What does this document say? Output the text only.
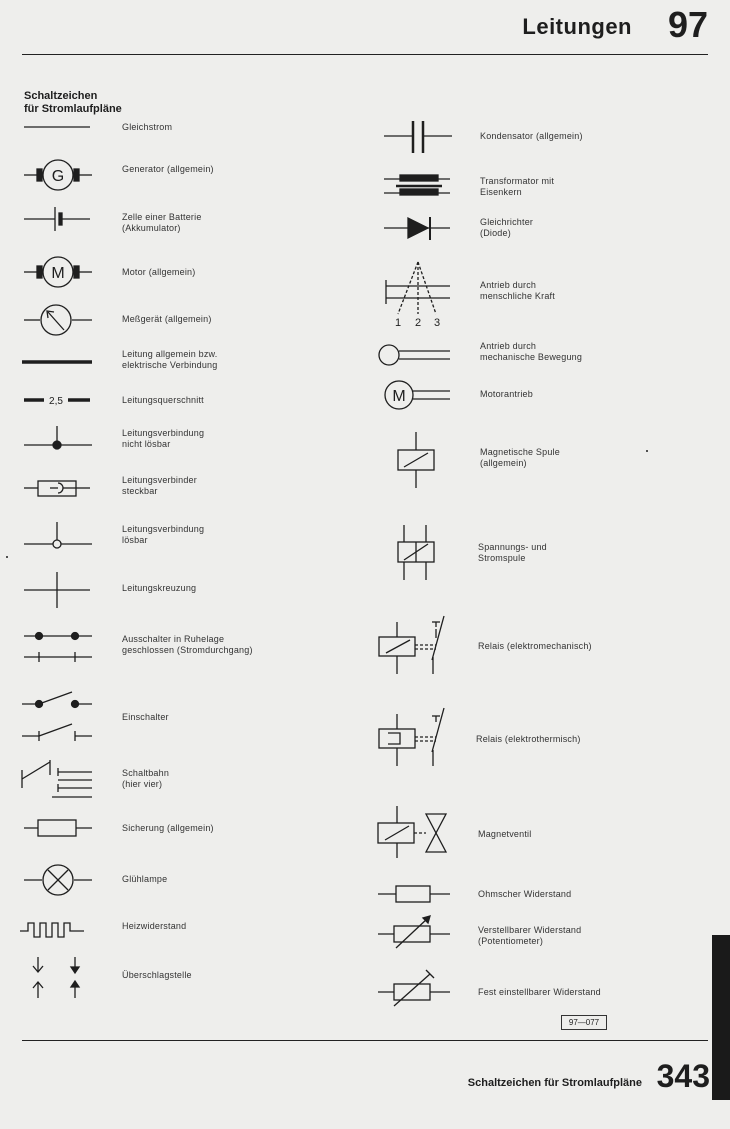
Leitungen 97
Schaltzeichen
für Stromlaufpläne
G
M
2,5
1 2 3
M
Gleichstrom
Generator (allgemein)
Zelle einer Batterie
(Akkumulator)
Motor (allgemein)
Meßgerät (allgemein)
Leitung allgemein bzw.
elektrische Verbindung
Leitungsquerschnitt
Leitungsverbindung
nicht lösbar
Leitungsverbinder
steckbar
Leitungsverbindung
lösbar
Leitungskreuzung
Ausschalter in Ruhelage
geschlossen (Stromdurchgang)
Einschalter
Schaltbahn
(hier vier)
Sicherung (allgemein)
Glühlampe
Heizwiderstand
Überschlagstelle
Kondensator (allgemein)
Transformator mit
Eisenkern
Gleichrichter
(Diode)
Antrieb durch
menschliche Kraft
Antrieb durch
mechanische Bewegung
Motorantrieb
Magnetische Spule
(allgemein)
Spannungs- und
Stromspule
Relais (elektromechanisch)
Relais (elektrothermisch)
Magnetventil
Ohmscher Widerstand
Verstellbarer Widerstand
(Potentiometer)
Fest einstellbarer Widerstand
97—077
Schaltzeichen für Stromlaufpläne 343
